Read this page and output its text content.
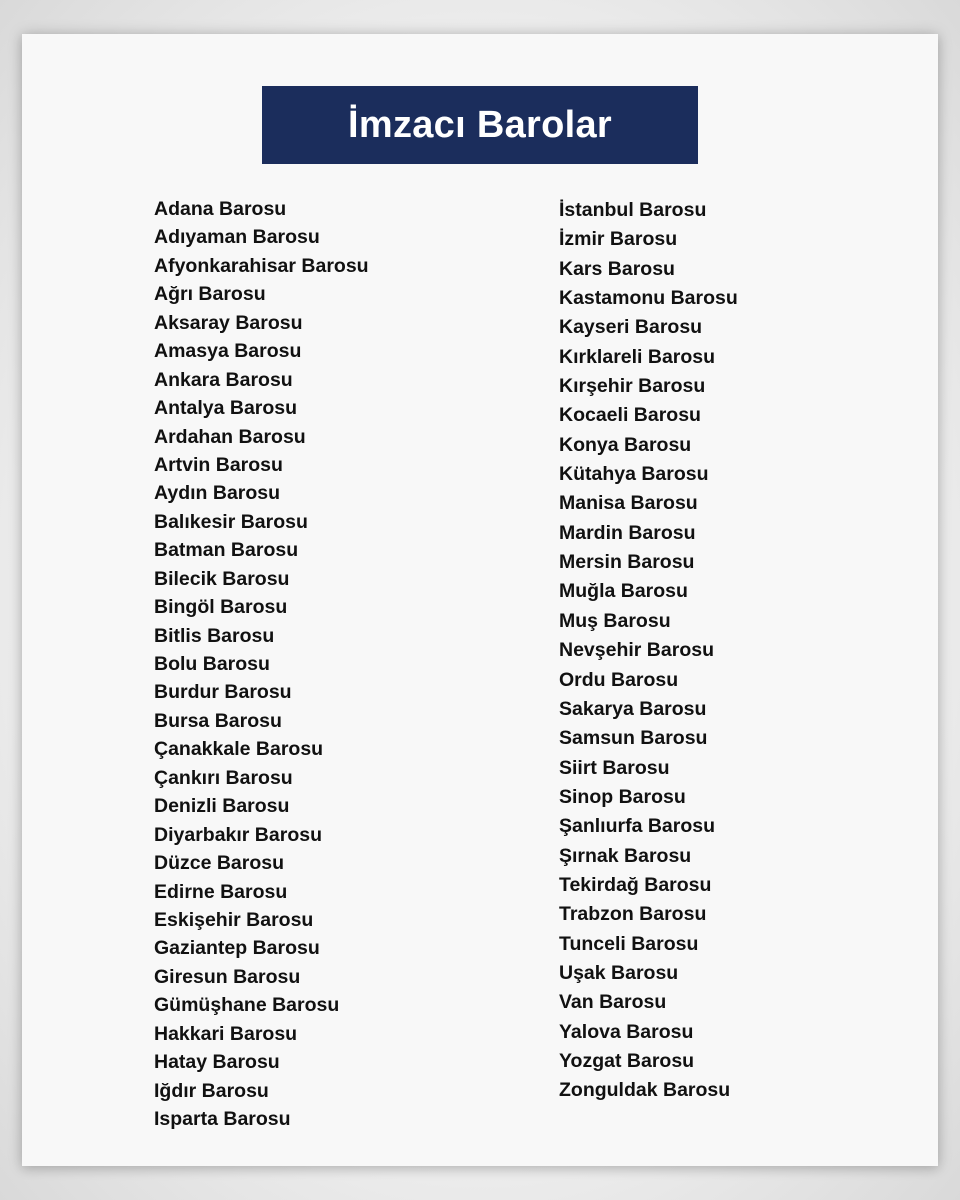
İmzacı Barolar
Adana Barosu
Adıyaman Barosu
Afyonkarahisar Barosu
Ağrı Barosu
Aksaray Barosu
Amasya Barosu
Ankara Barosu
Antalya Barosu
Ardahan Barosu
Artvin Barosu
Aydın Barosu
Balıkesir Barosu
Batman Barosu
Bilecik Barosu
Bingöl Barosu
Bitlis Barosu
Bolu Barosu
Burdur Barosu
Bursa Barosu
Çanakkale Barosu
Çankırı Barosu
Denizli Barosu
Diyarbakır Barosu
Düzce Barosu
Edirne Barosu
Eskişehir Barosu
Gaziantep Barosu
Giresun Barosu
Gümüşhane Barosu
Hakkari Barosu
Hatay Barosu
Iğdır Barosu
Isparta Barosu
İstanbul Barosu
İzmir Barosu
Kars Barosu
Kastamonu Barosu
Kayseri Barosu
Kırklareli Barosu
Kırşehir Barosu
Kocaeli Barosu
Konya Barosu
Kütahya Barosu
Manisa Barosu
Mardin Barosu
Mersin Barosu
Muğla Barosu
Muş Barosu
Nevşehir Barosu
Ordu Barosu
Sakarya Barosu
Samsun Barosu
Siirt Barosu
Sinop Barosu
Şanlıurfa Barosu
Şırnak Barosu
Tekirdağ Barosu
Trabzon Barosu
Tunceli Barosu
Uşak Barosu
Van Barosu
Yalova Barosu
Yozgat Barosu
Zonguldak Barosu
